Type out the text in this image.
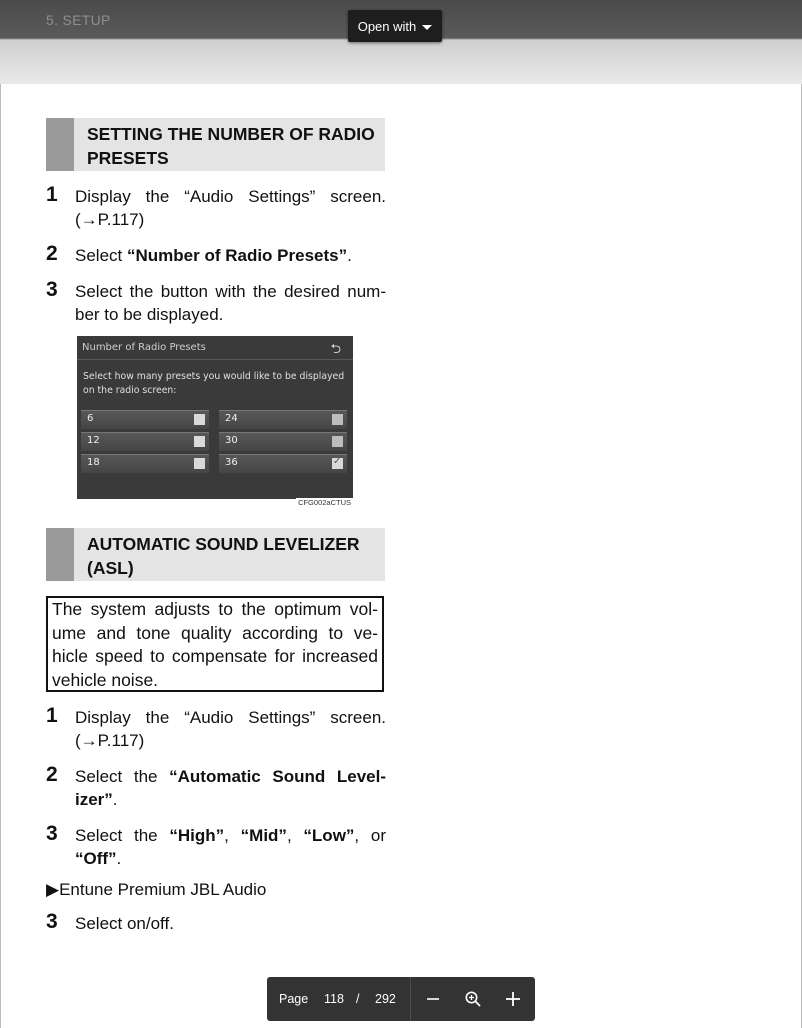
5. SETUP	Open with
SETTING THE NUMBER OF RADIO PRESETS
1 Display the “Audio Settings” screen. (→P.117)
2 Select “Number of Radio Presets”.
3 Select the button with the desired num-ber to be displayed.
Number of Radio Presets	⮌
Select how many presets you would like to be displayed on the radio screen:
6	24
12	30
18	36	✓
CFG002aCTUS
AUTOMATIC SOUND LEVELIZER (ASL)
The system adjusts to the optimum vol-ume and tone quality according to ve-hicle speed to compensate for increased vehicle noise.
1 Display the “Audio Settings” screen. (→P.117)
2 Select the “Automatic Sound Level-izer”.
3 Select the “High”, “Mid”, “Low”, or “Off”.
▶Entune Premium JBL Audio
3 Select on/off.
Page 118 / 292
